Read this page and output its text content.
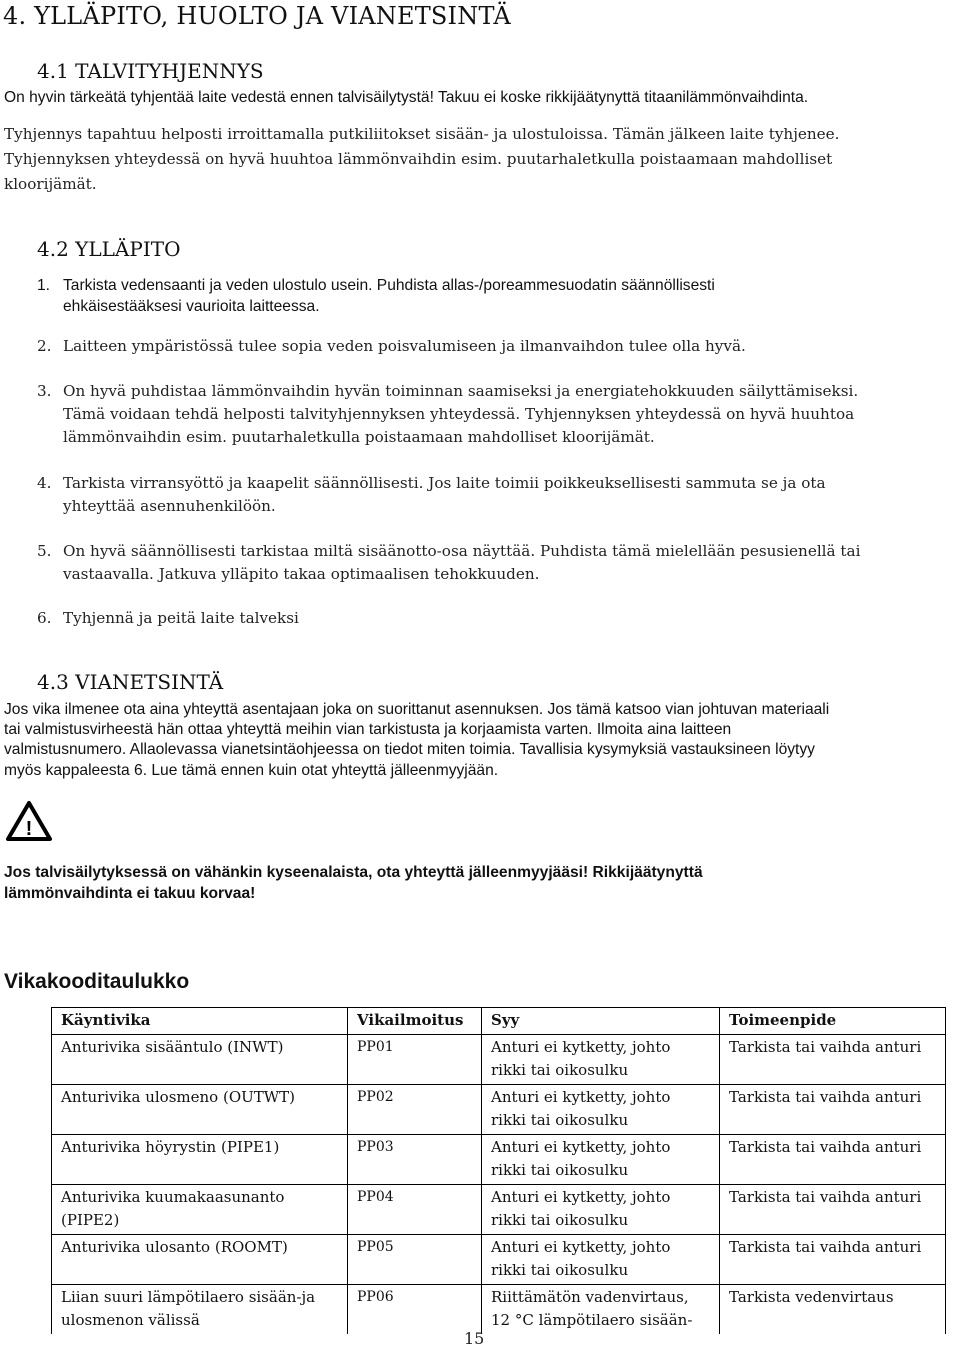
4. YLLÄPITO, HUOLTO JA VIANETSINTÄ
4.1 TALVITYHJENNYS
On hyvin tärkeätä tyhjentää laite vedestä ennen talvisäilytystä! Takuu ei koske rikkijäätynyttä titaanilämmönvaihdinta.
Tyhjennys tapahtuu helposti irroittamalla putkiliitokset sisään- ja ulostuloissa. Tämän jälkeen laite tyhjenee.
Tyhjennyksen yhteydessä on hyvä huuhtoa lämmönvaihdin esim. puutarhaletkulla poistaamaan mahdolliset
kloorijämät.
4.2 YLLÄPITO
1. Tarkista vedensaanti ja veden ulostulo usein. Puhdista allas-/poreammesuodatin säännöllisesti
ehkäisestääksesi vaurioita laitteessa.
2. Laitteen ympäristössä tulee sopia veden poisvalumiseen ja ilmanvaihdon tulee olla hyvä.
3. On hyvä puhdistaa lämmönvaihdin hyvän toiminnan saamiseksi ja energiatehokkuuden säilyttämiseksi.
Tämä voidaan tehdä helposti talvityhjennyksen yhteydessä. Tyhjennyksen yhteydessä on hyvä huuhtoa
lämmönvaihdin esim. puutarhaletkulla poistaamaan mahdolliset kloorijämät.
4. Tarkista virransyöttö ja kaapelit säännöllisesti. Jos laite toimii poikkeuksellisesti sammuta se ja ota
yhteyttää asennuhenkilöön.
5. On hyvä säännöllisesti tarkistaa miltä sisäänotto-osa näyttää. Puhdista tämä mielellään pesusienellä tai
vastaavalla. Jatkuva ylläpito takaa optimaalisen tehokkuuden.
6. Tyhjennä ja peitä laite talveksi
4.3 VIANETSINTÄ
Jos vika ilmenee ota aina yhteyttä asentajaan joka on suorittanut asennuksen. Jos tämä katsoo vian johtuvan materiaali
tai valmistusvirheestä hän ottaa yhteyttä meihin vian tarkistusta ja korjaamista varten. Ilmoita aina laitteen
valmistusnumero. Allaolevassa vianetsintäohjeessa on tiedot miten toimia. Tavallisia kysymyksiä vastauksineen löytyy
myös kappaleesta 6. Lue tämä ennen kuin otat yhteyttä jälleenmyyjään.
!
Jos talvisäilytyksessä on vähänkin kyseenalaista, ota yhteyttä jälleenmyyjääsi! Rikkijäätynyttä
lämmönvaihdinta ei takuu korvaa!
Vikakooditaulukko
Käyntivika	Vikailmoitus	Syy	Toimeenpide
Anturivika sisääntulo (INWT)	PP01	Anturi ei kytketty, johto rikki tai oikosulku	Tarkista tai vaihda anturi
Anturivika ulosmeno (OUTWT)	PP02	Anturi ei kytketty, johto rikki tai oikosulku	Tarkista tai vaihda anturi
Anturivika höyrystin (PIPE1)	PP03	Anturi ei kytketty, johto rikki tai oikosulku	Tarkista tai vaihda anturi
Anturivika kuumakaasunanto (PIPE2)	PP04	Anturi ei kytketty, johto rikki tai oikosulku	Tarkista tai vaihda anturi
Anturivika ulosanto (ROOMT)	PP05	Anturi ei kytketty, johto rikki tai oikosulku	Tarkista tai vaihda anturi
Liian suuri lämpötilaero sisään-ja ulosmenon välissä	PP06	Riittämätön vadenvirtaus, 12 °C lämpötilaero sisään-	Tarkista vedenvirtaus
15
